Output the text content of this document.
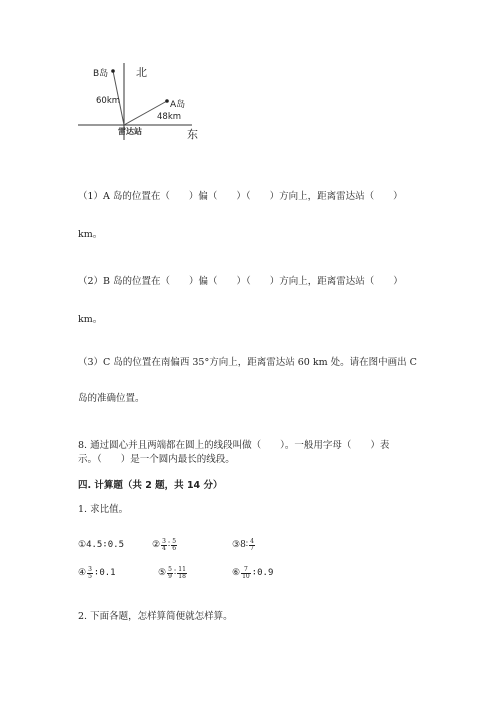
北
东
雷达站
B岛
60km	A岛
48km
（1）A 岛的位置在（　　）偏（　　）（　　）方向上，距离雷达站（　　）
km。
（2）B 岛的位置在（　　）偏（　　）（　　）方向上，距离雷达站（　　）
km。
（3）C 岛的位置在南偏西 35°方向上，距离雷达站 60 km 处。请在图中画出 C
岛的准确位置。
8. 通过圆心并且两端都在圆上的线段叫做（　　）。一般用字母（　　）表
示。（　　）是一个圆内最长的线段。
四. 计算题（共 2 题，共 14 分）
1. 求比值。
① 4.5∶0.5	② $\frac{3}{4}$ ∶ $\frac{5}{6}$	③ 8∶ $\frac{4}{7}$
④ $\frac{3}{5}$ ∶0.1	⑤ $\frac{5}{9}$ ∶ $\frac{11}{18}$	⑥ $\frac{7}{10}$ ∶0.9
2. 下面各题，怎样算简便就怎样算。
